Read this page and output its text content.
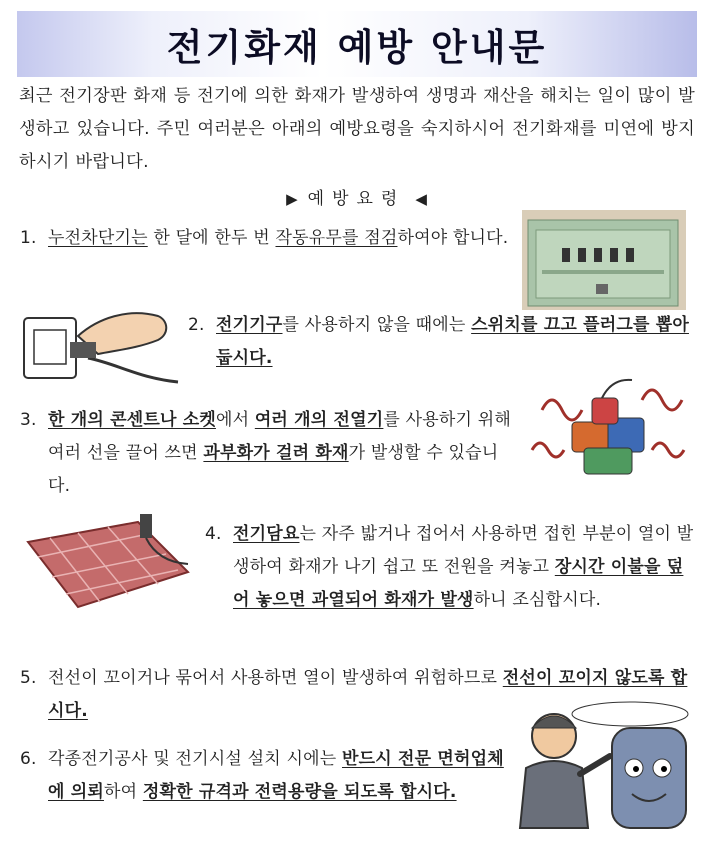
전기화재 예방 안내문
최근 전기장판 화재 등 전기에 의한 화재가 발생하여 생명과 재산을 해치는 일이 많이 발생하고 있습니다. 주민 여러분은 아래의 예방요령을 숙지하시어 전기화재를 미연에 방지하시기 바랍니다.
▶ 예방요령 ◀
1. 누전차단기는 한 달에 한두 번 작동유무를 점검하여야 합니다.
2. 전기기구를 사용하지 않을 때에는 스위치를 끄고 플러그를 뽑아둡시다.
3. 한 개의 콘센트나 소켓에서 여러 개의 전열기를 사용하기 위해 여러 선을 끌어 쓰면 과부화가 걸려 화재가 발생할 수 있습니다.
4. 전기담요는 자주 밟거나 접어서 사용하면 접힌 부분이 열이 발생하여 화재가 나기 쉽고 또 전원을 켜놓고 장시간 이불을 덮어 놓으면 과열되어 화재가 발생하니 조심합시다.
5. 전선이 꼬이거나 묶어서 사용하면 열이 발생하여 위험하므로 전선이 꼬이지 않도록 합시다.
6. 각종전기공사 및 전기시설 설치 시에는 반드시 전문 면허업체에 의뢰하여 정확한 규격과 전력용량을 되도록 합시다.
